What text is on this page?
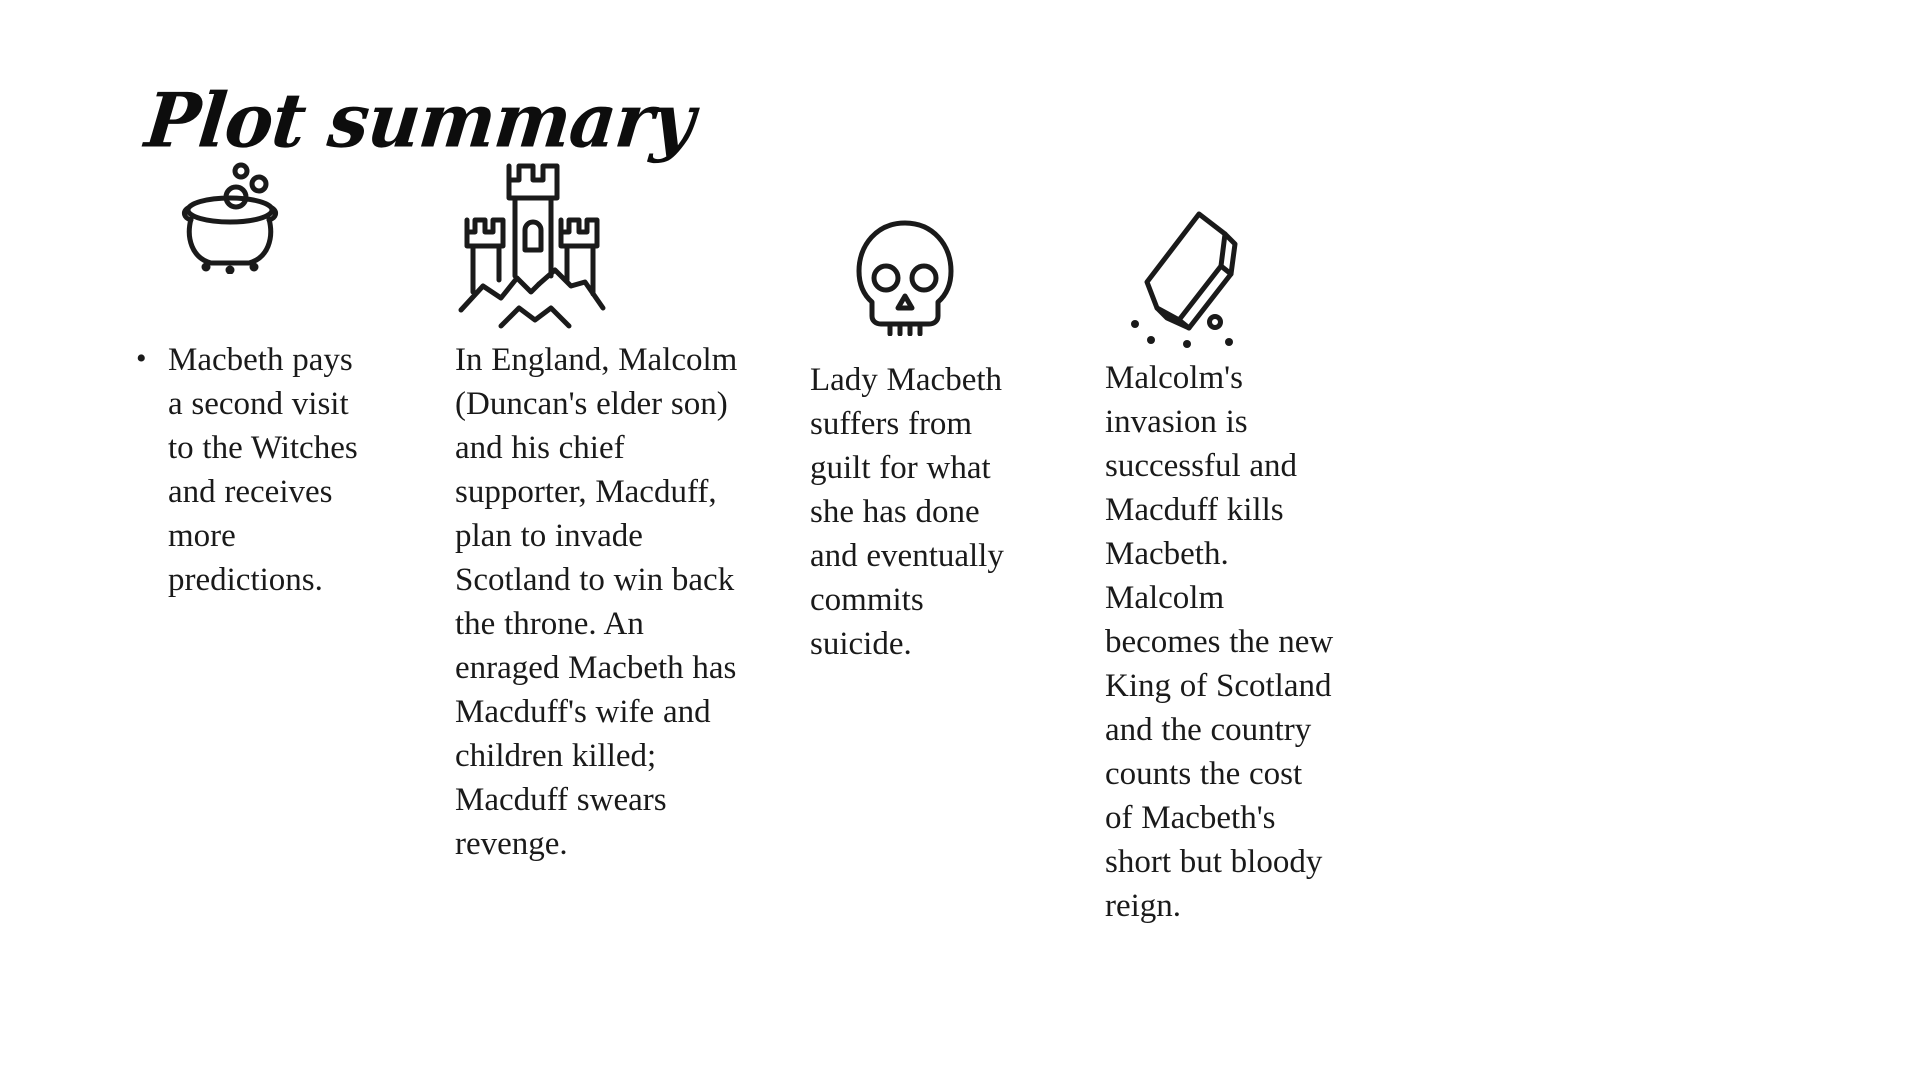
Plot summary
• Macbeth pays a second visit to the Witches and receives more predictions.
In England, Malcolm (Duncan's elder son) and his chief supporter, Macduff, plan to invade Scotland to win back the throne. An enraged Macbeth has Macduff's wife and children killed; Macduff swears revenge.
Lady Macbeth suffers from guilt for what she has done and eventually commits suicide.
Malcolm's invasion is successful and Macduff kills Macbeth. Malcolm becomes the new King of Scotland and the country counts the cost of Macbeth's short but bloody reign.
